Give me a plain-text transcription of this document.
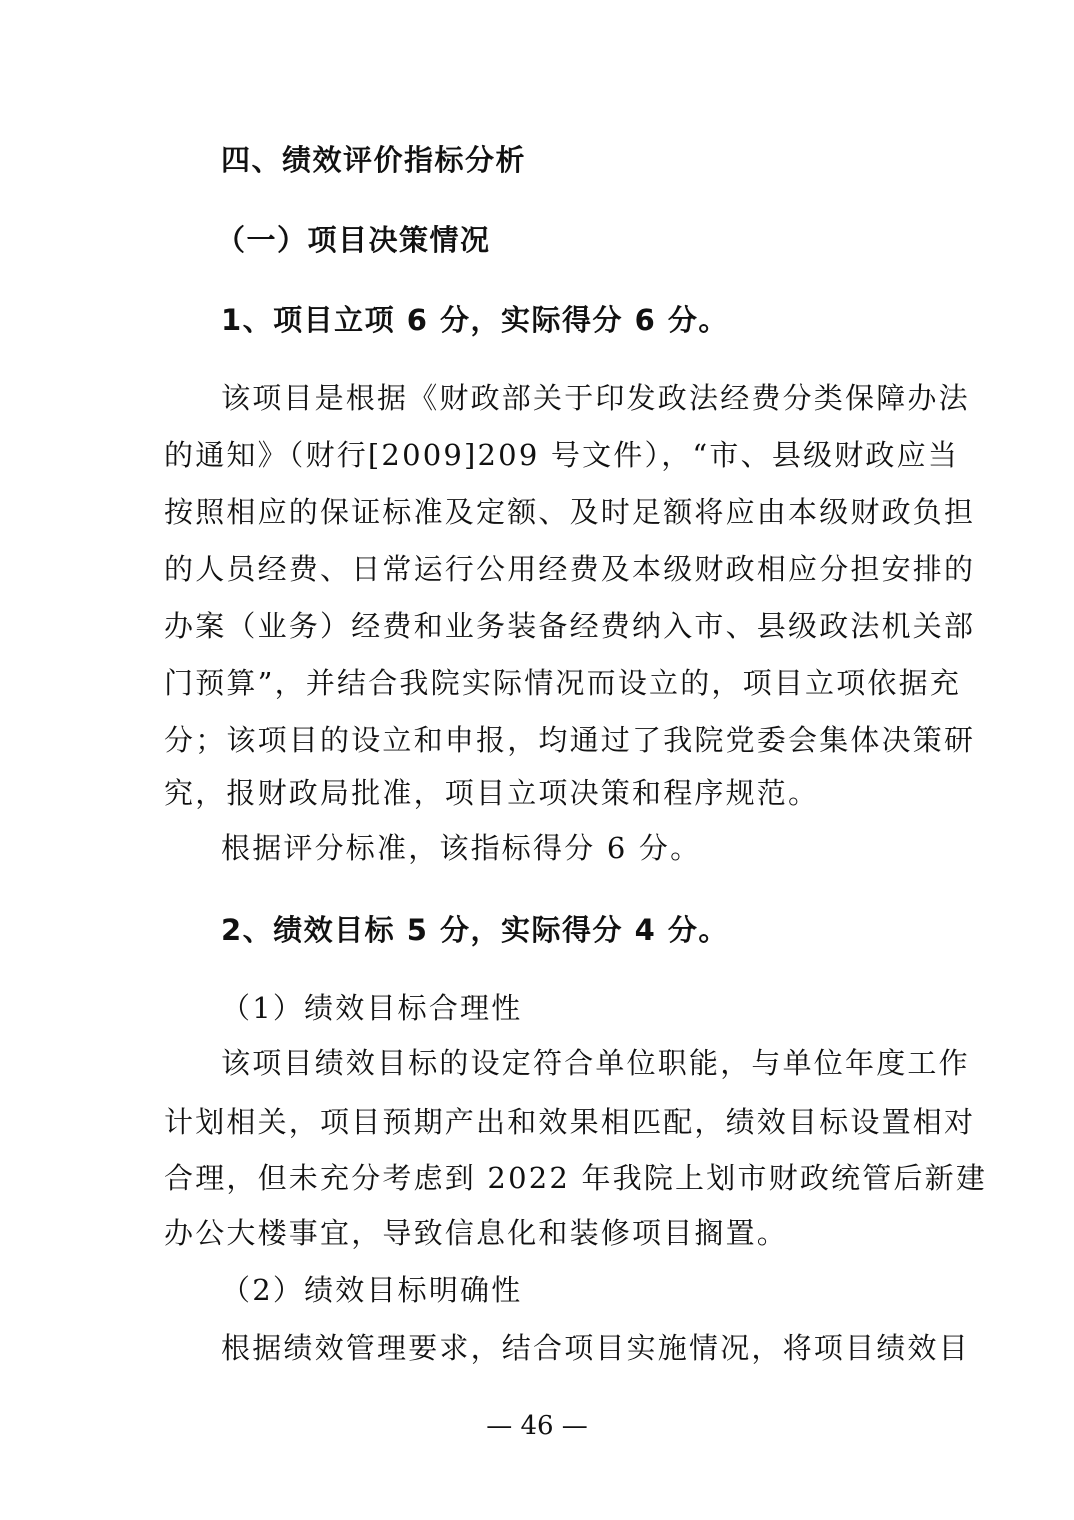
四、绩效评价指标分析
（一）项目决策情况
1、项目立项 6 分，实际得分 6 分。
该项目是根据《财政部关于印发政法经费分类保障办法
的通知》（财行[2009]209 号文件），“市、县级财政应当
按照相应的保证标准及定额、及时足额将应由本级财政负担
的人员经费、日常运行公用经费及本级财政相应分担安排的
办案（业务）经费和业务装备经费纳入市、县级政法机关部
门预算”，并结合我院实际情况而设立的，项目立项依据充
分；该项目的设立和申报，均通过了我院党委会集体决策研
究，报财政局批准，项目立项决策和程序规范。
根据评分标准，该指标得分 6 分。
2、绩效目标 5 分，实际得分 4 分。
（1）绩效目标合理性
该项目绩效目标的设定符合单位职能，与单位年度工作
计划相关，项目预期产出和效果相匹配，绩效目标设置相对
合理，但未充分考虑到 2022 年我院上划市财政统管后新建
办公大楼事宜，导致信息化和装修项目搁置。
（2）绩效目标明确性
根据绩效管理要求，结合项目实施情况，将项目绩效目
— 46 —
